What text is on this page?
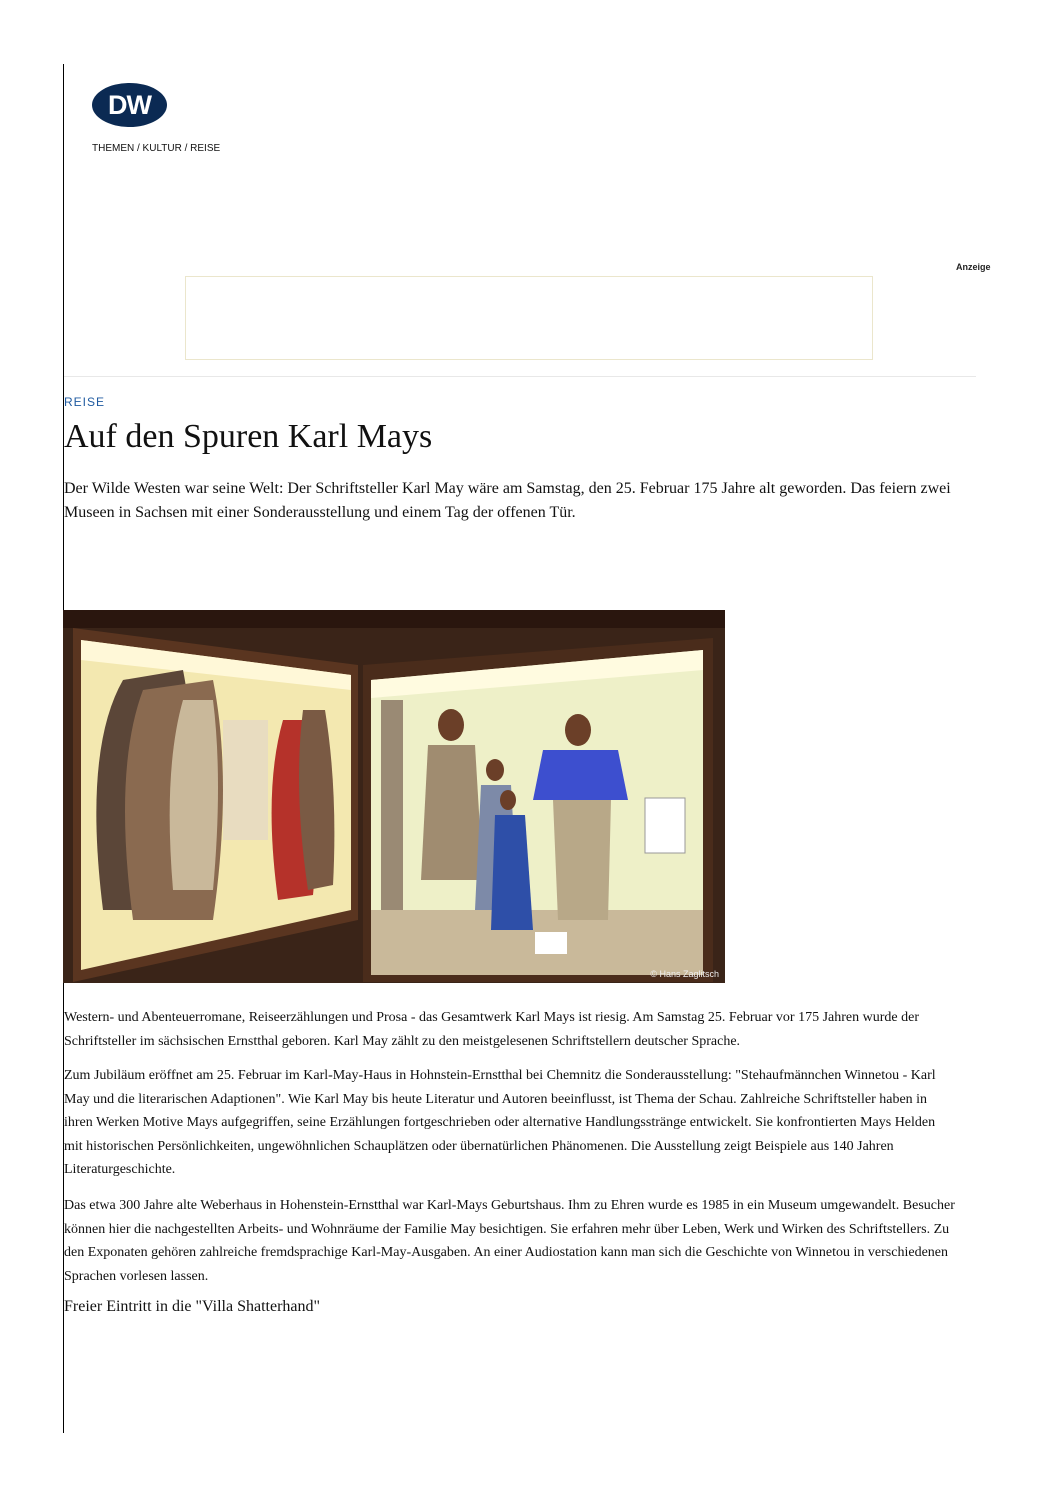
DW
THEMEN / KULTUR / REISE
Anzeige
REISE
Auf den Spuren Karl Mays

Der Wilde Westen war seine Welt: Der Schriftsteller Karl May wäre am Samstag, den 25. Februar 175 Jahre alt geworden. Das feiern zwei Museen in Sachsen mit einer Sonderausstellung und einem Tag der offenen Tür.

© Hans Zaglitsch

Western- und Abenteuerromane, Reiseerzählungen und Prosa - das Gesamtwerk Karl Mays ist riesig. Am Samstag 25. Februar vor 175 Jahren wurde der Schriftsteller im sächsischen Ernstthal geboren. Karl May zählt zu den meistgelesenen Schriftstellern deutscher Sprache.

Zum Jubiläum eröffnet am 25. Februar im Karl-May-Haus in Hohnstein-Ernstthal bei Chemnitz die Sonderausstellung: "Stehaufmännchen Winnetou - Karl May und die literarischen Adaptionen". Wie Karl May bis heute Literatur und Autoren beeinflusst, ist Thema der Schau. Zahlreiche Schriftsteller haben in ihren Werken Motive Mays aufgegriffen, seine Erzählungen fortgeschrieben oder alternative Handlungsstränge entwickelt. Sie konfrontierten Mays Helden mit historischen Persönlichkeiten, ungewöhnlichen Schauplätzen oder übernatürlichen Phänomenen. Die Ausstellung zeigt Beispiele aus 140 Jahren Literaturgeschichte.

Das etwa 300 Jahre alte Weberhaus in Hohenstein-Ernstthal war Karl-Mays Geburtshaus. Ihm zu Ehren wurde es 1985 in ein Museum umgewandelt. Besucher können hier die nachgestellten Arbeits- und Wohnräume der Familie May besichtigen. Sie erfahren mehr über Leben, Werk und Wirken des Schriftstellers. Zu den Exponaten gehören zahlreiche fremdsprachige Karl-May-Ausgaben. An einer Audiostation kann man sich die Geschichte von Winnetou in verschiedenen Sprachen vorlesen lassen.

Freier Eintritt in die "Villa Shatterhand"
